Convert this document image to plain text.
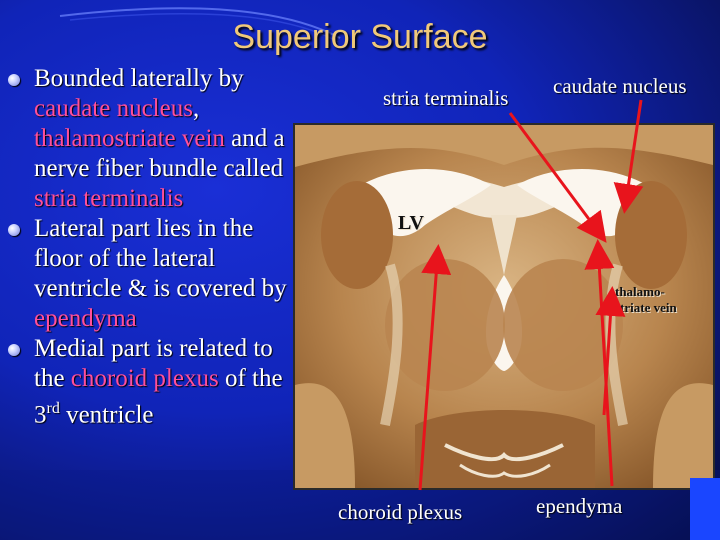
Superior Surface
Bounded laterally by caudate nucleus, thalamostriate vein and a nerve fiber bundle called stria terminalis
Lateral part lies in the floor of the lateral ventricle & is covered by ependyma
Medial part is related to the choroid plexus of the 3rd ventricle
LV
thalamo-
striate vein
stria terminalis caudate nucleus
choroid plexus	ependyma
